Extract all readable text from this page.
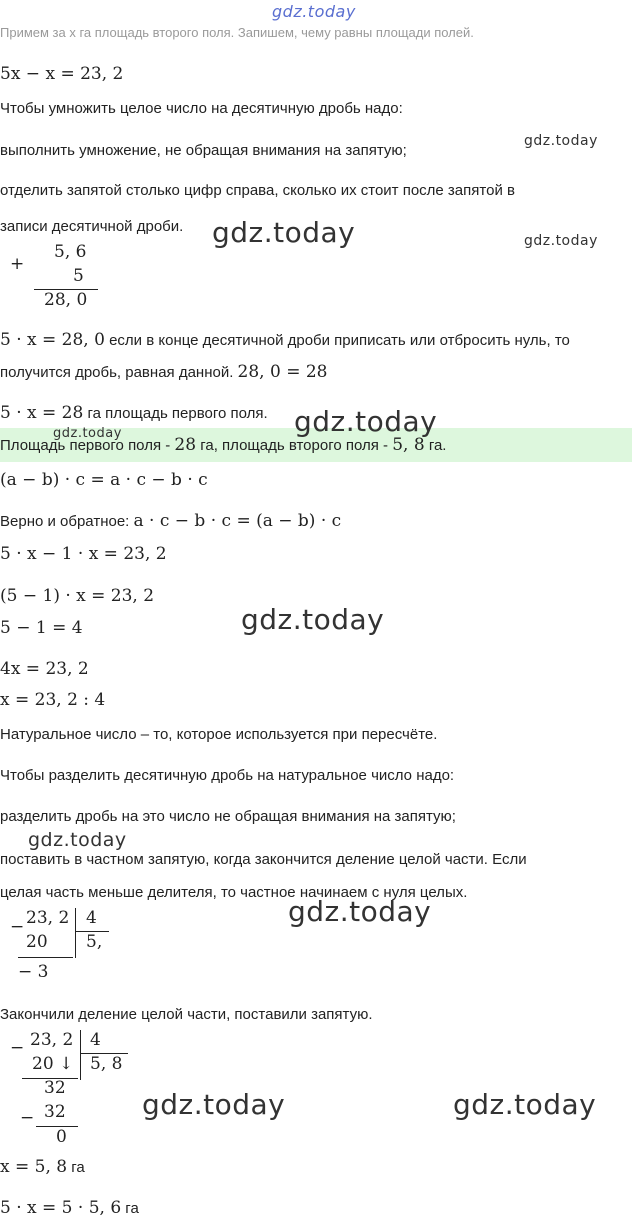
gdz.today
gdz.today
gdz.today	gdz.today
gdz.today
gdz.today
gdz.today
gdz.today
gdz.today
gdz.today	gdz.today
Примем за x га площадь второго поля. Запишем, чему равны площади полей.
5x − x = 23, 2
Чтобы умножить целое число на десятичную дробь надо:
выполнить умножение, не обращая внимания на запятую;
отделить запятой столько цифр справа, сколько их стоит после запятой в
записи десятичной дроби.
+
5, 6
5
28, 0
5 · x = 28, 0 если в конце десятичной дроби приписать или отбросить нуль, то
получится дробь, равная данной. 28, 0 = 28
5 · x = 28 га площадь первого поля.
Площадь первого поля - 28 га, площадь второго поля - 5, 8 га.
(a − b) · c = a · c − b · c
Верно и обратное: a · c − b · c = (a − b) · c
5 · x − 1 · x = 23, 2
(5 − 1) · x = 23, 2
5 − 1 = 4
4x = 23, 2
x = 23, 2 : 4
Натуральное число – то, которое используется при пересчёте.
Чтобы разделить десятичную дробь на натуральное число надо:
разделить дробь на это число не обращая внимания на запятую;
поставить в частном запятую, когда закончится деление целой части. Если
целая часть меньше делителя, то частное начинаем с нуля целых.
− 23, 2 4
20 5,
− 3
Закончили деление целой части, поставили запятую.
− 23, 2 4
20 ↓ 5, 8
32
− 32
0
x = 5, 8 га
5 · x = 5 · 5, 6 га
